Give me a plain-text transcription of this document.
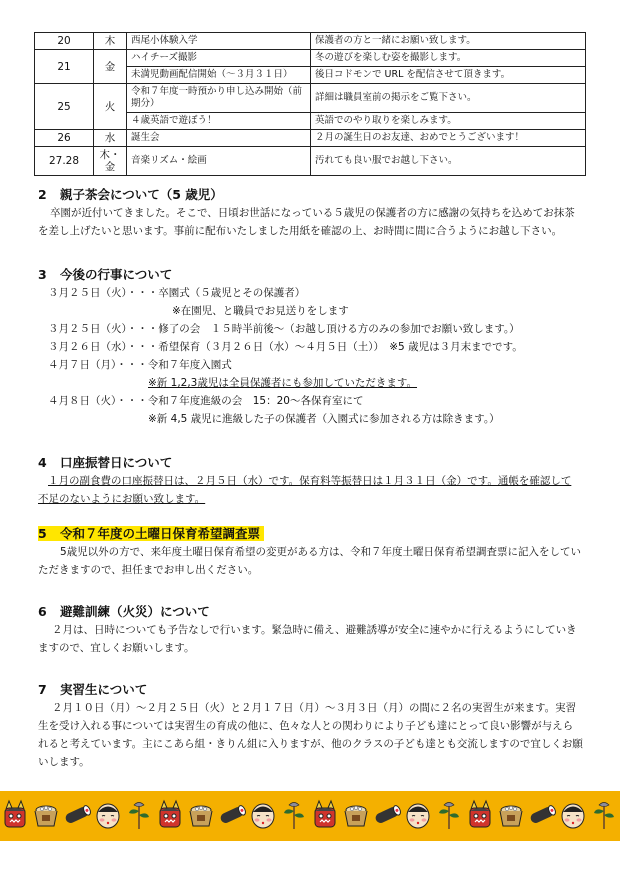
20	木	西尾小体験入学	保護者の方と一緒にお願い致します。
21	金	ハイチーズ撮影	冬の遊びを楽しむ姿を撮影します。
		未満児動画配信開始（～３月３１日）	後日コドモンで URL を配信させて頂きます。
25	火	令和７年度一時預かり申し込み開始（前期分）	詳細は職員室前の掲示をご覧下さい。
		４歳英語で遊ぼう！	英語でのやり取りを楽しみます。
26	水	誕生会	２月の誕生日のお友達、おめでとうございます！
27.28	木・金	音楽リズム・絵画	汚れても良い服でお越し下さい。
2 親子茶会について（5 歳児）

卒園が近付いてきました。そこで、日頃お世話になっている５歳児の保護者の方に感謝の気持ちを込めてお抹茶を差し上げたいと思います。事前に配布いたしました用紙を確認の上、お時間に間に合うようにお越し下さい。

3 今後の行事について
３月２５日（火）・・・卒園式（５歳児とその保護者）
※在園児、と職員でお見送りをします
３月２５日（火）・・・修了の会　１５時半前後～（お越し頂ける方のみの参加でお願い致します。）
３月２６日（水）・・・希望保育（３月２６日（水）～４月５日（土））　※5 歳児は３月末までです。
４月７日（月）・・・令和７年度入園式
※新 1,2,3歳児は全員保護者にも参加していただきます。
４月８日（火）・・・令和７年度進級の会　15：20～各保育室にて
※新 4,5 歳児に進級した子の保護者（入園式に参加される方は除きます。）
4 口座振替日について
１月の副食費の口座振替日は、２月５日（水）です。保育料等振替日は１月３１日（金）です。通帳を確認して
不足のないようにお願い致します。
5 令和７年度の土曜日保育希望調査票

5歳児以外の方で、来年度土曜日保育希望の変更がある方は、令和７年度土曜日保育希望調査票に記入をしていただきますので、担任までお申し出ください。

6 避難訓練（火災）について

２月は、日時についても予告なしで行います。緊急時に備え、避難誘導が安全に速やかに行えるようにしていきますので、宜しくお願いします。

7 実習生について

２月１０日（月）～２月２５日（火）と２月１７日（月）～３月３日（月）の間に２名の実習生が来ます。実習生を受け入れる事については実習生の育成の他に、色々な人との関わりにより子ども達にとって良い影響が与えられると考えています。主にこあら組・きりん組に入りますが、他のクラスの子ども達とも交流しますので宜しくお願いします。
